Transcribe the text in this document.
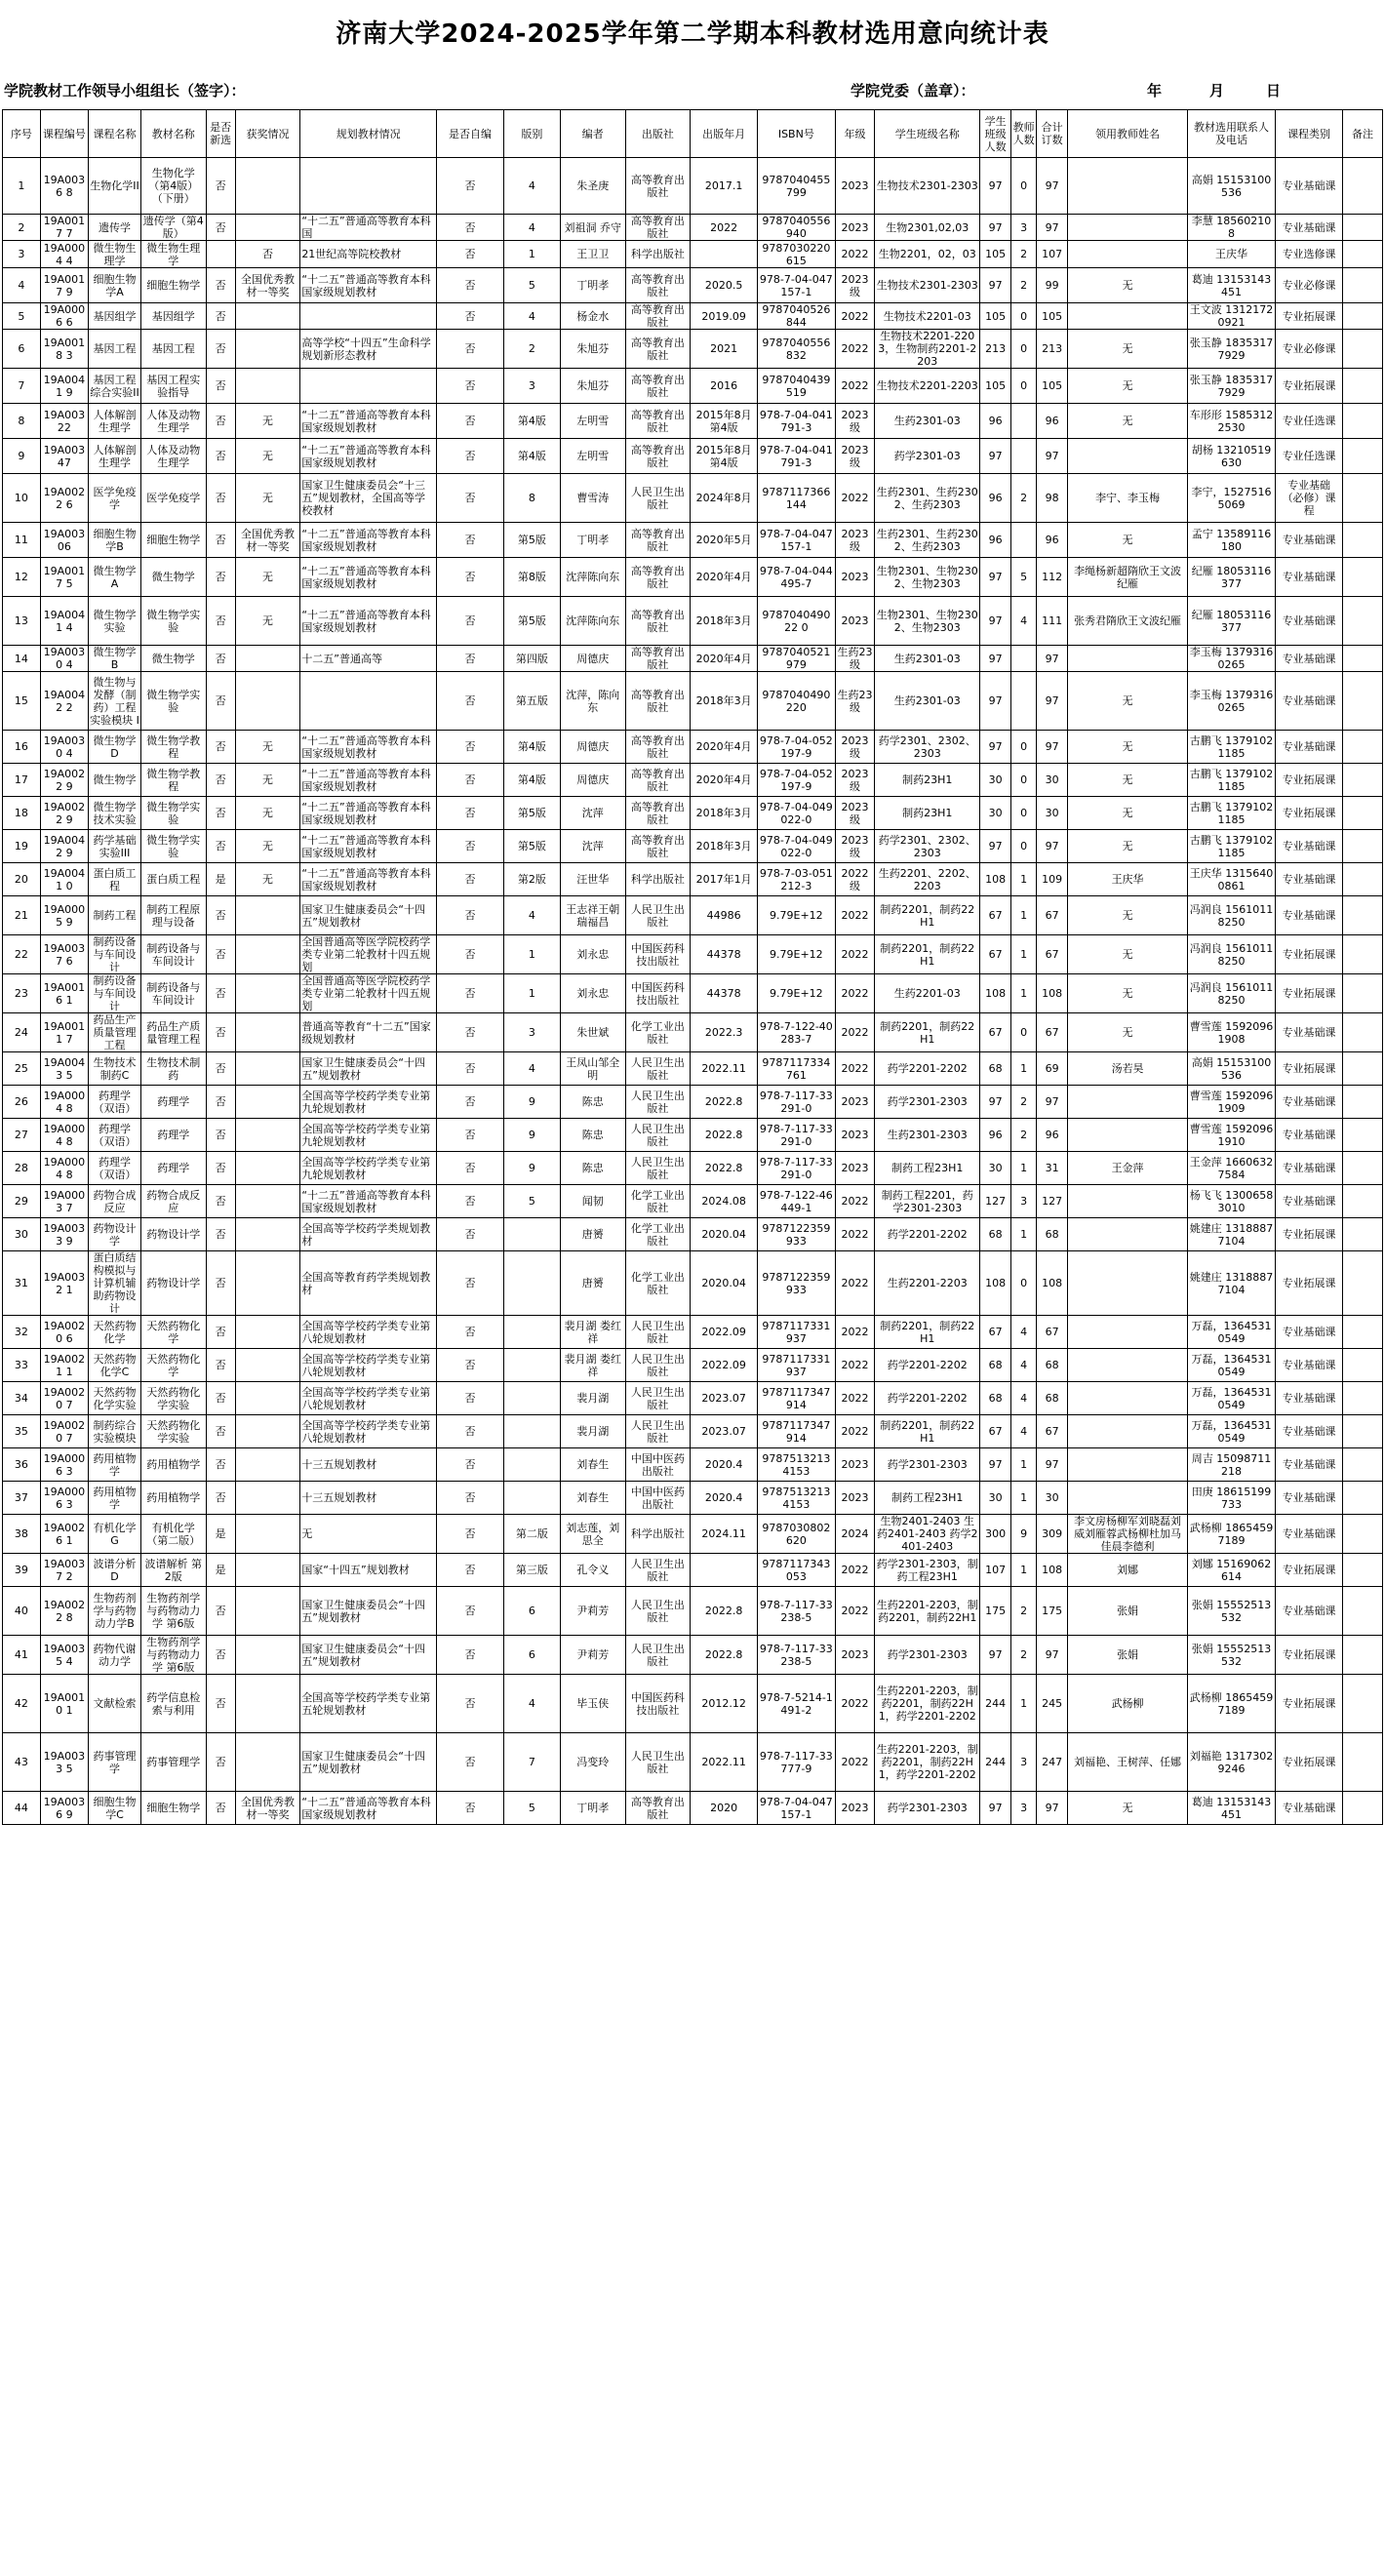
济南大学2024-2025学年第二学期本科教材选用意向统计表
学院教材工作领导小组组长（签字）：	学院党委（盖章）：	年	月	日
序号	课程编号	课程名称	教材名称	是否新选	获奖情况	规划教材情况	是否自编	版别	编者	出版社	出版年月	ISBN号	年级	学生班级名称	学生班级人数	教师人数	合计订数	领用教师姓名	教材选用联系人及电话	课程类别	备注
1	19A0036 8	生物化学II	生物化学（第4版）（下册）	否			否	4	朱圣庚	高等教育出版社	2017.1	9787040455799	2023	生物技术2301-2303	97	0	97		高娟 15153100536	专业基础课	
2	19A0017 7	遗传学	遗传学（第4版）	否		“十二五”普通高等教育本科国	否	4	刘祖洞 乔守	高等教育出版社	2022	9787040556 940	2023	生物2301,02,03	97	3	97		李慧 185602108	专业基础课	
3	19A0004 4	微生物生理学	微生物生理学		否	21世纪高等院校教材	否	1	王卫卫	科学出版社		9787030220 615	2022	生物2201，02，03	105	2	107		王庆华	专业选修课	
4	19A0017 9	细胞生物学A	细胞生物学	否	全国优秀教材一等奖	“十二五”普通高等教育本科国家级规划教材	否	5	丁明孝	高等教育出版社	2020.5	978-7-04-047157-1	2023级	生物技术2301-2303	97	2	99	无	葛迪 13153143451	专业必修课	
5	19A0006 6	基因组学	基因组学	否			否	4	杨金水	高等教育出版社	2019.09	9787040526844	2022	生物技术2201-03	105	0	105		王文波 13121720921	专业拓展课	
6	19A0018 3	基因工程	基因工程	否		高等学校“十四五”生命科学规划新形态教材	否	2	朱旭芬	高等教育出版社	2021	9787040556832	2022	生物技术2201-2203，生物制药2201-2203	213	0	213	无	张玉静 18353177929	专业必修课	
7	19A0041 9	基因工程综合实验II	基因工程实验指导	否			否	3	朱旭芬	高等教育出版社	2016	9787040439519	2022	生物技术2201-2203	105	0	105	无	张玉静 18353177929	专业拓展课	
8	19A00322	人体解剖生理学	人体及动物生理学	否	无	“十二五”普通高等教育本科国家级规划教材	否	第4版	左明雪	高等教育出版社	2015年8月第4版	978-7-04-041791-3	2023级	生药2301-03	96		96	无	车形形 15853122530	专业任选课	
9	19A00347	人体解剖生理学	人体及动物生理学	否	无	“十二五”普通高等教育本科国家级规划教材	否	第4版	左明雪	高等教育出版社	2015年8月第4版	978-7-04-041791-3	2023级	药学2301-03	97		97		胡杨 13210519630	专业任选课	
10	19A0022 6	医学免疫学	医学免疫学	否	无	国家卫生健康委员会“十三五”规划教材，全国高等学校教材	否	8	曹雪涛	人民卫生出版社	2024年8月	9787117366144	2022	生药2301、生药2302、生药2303	96	2	98	李宁、李玉梅	李宁，15275165069	专业基础（必修）课程	
11	19A00306	细胞生物学B	细胞生物学	否	全国优秀教材一等奖	“十二五”普通高等教育本科国家级规划教材	否	第5版	丁明孝	高等教育出版社	2020年5月	978-7-04-047157-1	2023级	生药2301、生药2302、生药2303	96		96	无	孟宁 13589116180	专业基础课	
12	19A0017 5	微生物学A	微生物学	否	无	“十二五”普通高等教育本科国家级规划教材	否	第8版	沈萍陈向东	高等教育出版社	2020年4月	978-7-04-044495-7	2023	生物2301、生物2302、生物2303	97	5	112	李绳杨新超隋欣王文波纪雁	纪雁 18053116377	专业基础课	
13	19A0041 4	微生物学实验	微生物学实验	否	无	“十二五”普通高等教育本科国家级规划教材	否	第5版	沈萍陈向东	高等教育出版社	2018年3月	978704049022 0	2023	生物2301、生物2302、生物2303	97	4	111	张秀君隋欣王文波纪雁	纪雁 18053116377	专业基础课	
14	19A0030 4	微生物学B	微生物学	否		十二五”普通高等	否	第四版	周德庆	高等教育出版社	2020年4月	9787040521979	生药23级	生药2301-03	97		97		李玉梅 13793160265	专业基础课	
15	19A0042 2	微生物与发酵（制药）工程实验模块 I	微生物学实验	否			否	第五版	沈萍，陈向东	高等教育出版社	2018年3月	9787040490220	生药23级	生药2301-03	97		97	无	李玉梅 13793160265	专业基础课	
16	19A0030 4	微生物学D	微生物学教程	否	无	“十二五”普通高等教育本科国家级规划教材	否	第4版	周德庆	高等教育出版社	2020年4月	978-7-04-052197-9	2023级	药学2301、2302、2303	97	0	97	无	古鹏飞 13791021185	专业基础课	
17	19A0022 9	微生物学	微生物学教程	否	无	“十二五”普通高等教育本科国家级规划教材	否	第4版	周德庆	高等教育出版社	2020年4月	978-7-04-052197-9	2023级	制药23H1	30	0	30	无	古鹏飞 13791021185	专业拓展课	
18	19A0022 9	微生物学技术实验	微生物学实验	否	无	“十二五”普通高等教育本科国家级规划教材	否	第5版	沈萍	高等教育出版社	2018年3月	978-7-04-049022-0	2023级	制药23H1	30	0	30	无	古鹏飞 13791021185	专业拓展课	
19	19A0042 9	药学基础实验III	微生物学实验	否	无	“十二五”普通高等教育本科国家级规划教材	否	第5版	沈萍	高等教育出版社	2018年3月	978-7-04-049022-0	2023级	药学2301、2302、2303	97	0	97	无	古鹏飞 13791021185	专业基础课	
20	19A0041 0	蛋白质工程	蛋白质工程	是	无	“十二五”普通高等教育本科国家级规划教材	否	第2版	汪世华	科学出版社	2017年1月	978-7-03-051212-3	2022级	生药2201、2202、2203	108	1	109	王庆华	王庆华 13156400861	专业基础课	
21	19A0005 9	制药工程	制药工程原理与设备	否		国家卫生健康委员会“十四五”规划教材	否	4	王志祥王朝瑞福昌	人民卫生出版社	44986	9.79E+12	2022	制药2201，制药22H1	67	1	67	无	冯润良 15610118250	专业基础课	
22	19A0037 6	制药设备与车间设计	制药设备与车间设计	否		全国普通高等医学院校药学类专业第二轮教材十四五规划	否	1	刘永忠	中国医药科技出版社	44378	9.79E+12	2022	制药2201，制药22H1	67	1	67	无	冯润良 15610118250	专业拓展课	
23	19A0016 1	制药设备与车间设计	制药设备与车间设计	否		全国普通高等医学院校药学类专业第二轮教材十四五规划	否	1	刘永忠	中国医药科技出版社	44378	9.79E+12	2022	生药2201-03	108	1	108	无	冯润良 15610118250	专业拓展课	
24	19A0011 7	药品生产质量管理工程	药品生产质量管理工程	否		普通高等教育“十二五”国家级规划教材	否	3	朱世斌	化学工业出版社	2022.3	978-7-122-40283-7	2022	制药2201，制药22H1	67	0	67	无	曹雪莲 15920961908	专业基础课	
25	19A0043 5	生物技术制药C	生物技术制药	否		国家卫生健康委员会“十四五”规划教材	否	4	王凤山邹全明	人民卫生出版社	2022.11	9787117334761	2022	药学2201-2202	68	1	69	汤若昊	高娟 15153100536	专业拓展课	
26	19A0004 8	药理学（双语）	药理学	否		全国高等学校药学类专业第九轮规划教材	否	9	陈忠	人民卫生出版社	2022.8	978-7-117-33291-0	2023	药学2301-2303	97	2	97		曹雪莲 15920961909	专业基础课	
27	19A0004 8	药理学（双语）	药理学	否		全国高等学校药学类专业第九轮规划教材	否	9	陈忠	人民卫生出版社	2022.8	978-7-117-33291-0	2023	生药2301-2303	96	2	96		曹雪莲 15920961910	专业基础课	
28	19A0004 8	药理学（双语）	药理学	否		全国高等学校药学类专业第九轮规划教材	否	9	陈忠	人民卫生出版社	2022.8	978-7-117-33291-0	2023	制药工程23H1	30	1	31	王金萍	王金萍 16606327584	专业基础课	
29	19A0003 7	药物合成反应	药物合成反应	否		“十二五”普通高等教育本科国家级规划教材	否	5	闻韧	化学工业出版社	2024.08	978-7-122-46449-1	2022	制药工程2201，药学2301-2303	127	3	127		杨飞飞 13006583010	专业基础课	
30	19A0033 9	药物设计学	药物设计学	否		全国高等学校药学类规划教材	否		唐赟	化学工业出版社	2020.04	9787122359933	2022	药学2201-2202	68	1	68		姚建庄 13188877104	专业拓展课	
31	19A0032 1	蛋白质结构模拟与计算机辅助药物设计	药物设计学	否		全国高等教育药学类规划教材	否		唐赟	化学工业出版社	2020.04	9787122359933	2022	生药2201-2203	108	0	108		姚建庄 13188877104	专业拓展课	
32	19A0020 6	天然药物化学	天然药物化学	否		全国高等学校药学类专业第八轮规划教材	否		裴月湖 娄红祥	人民卫生出版社	2022.09	9787117331937	2022	制药2201，制药22H1	67	4	67		万磊，13645310549	专业基础课	
33	19A0021 1	天然药物化学C	天然药物化学	否		全国高等学校药学类专业第八轮规划教材	否		裴月湖 娄红祥	人民卫生出版社	2022.09	9787117331937	2022	药学2201-2202	68	4	68		万磊，13645310549	专业基础课	
34	19A0020 7	天然药物化学实验	天然药物化学实验	否		全国高等学校药学类专业第八轮规划教材	否		裴月湖	人民卫生出版社	2023.07	9787117347914	2022	药学2201-2202	68	4	68		万磊，13645310549	专业基础课	
35	19A0020 7	制药综合实验模块	天然药物化学实验	否		全国高等学校药学类专业第八轮规划教材	否		裴月湖	人民卫生出版社	2023.07	9787117347914	2022	制药2201，制药22H1	67	4	67		万磊，13645310549	专业基础课	
36	19A0006 3	药用植物学	药用植物学	否		十三五规划教材	否		刘春生	中国中医药出版社	2020.4	9787513213 4153	2023	药学2301-2303	97	1	97		周吉 15098711218	专业基础课	
37	19A0006 3	药用植物学	药用植物学	否		十三五规划教材	否		刘春生	中国中医药出版社	2020.4	9787513213 4153	2023	制药工程23H1	30	1	30		田庚 18615199733	专业基础课	
38	19A0026 1	有机化学G	有机化学（第二版）	是		无	否	第二版	刘志莲，刘思全	科学出版社	2024.11	9787030802620	2024	生物2401-2403 生药2401-2403 药学2401-2403	300	9	309	李文房杨柳军刘晓磊刘威刘雁蓉武杨柳杜加马佳晨李德利	武杨柳 18654597189	专业基础课	
39	19A0037 2	波谱分析D	波谱解析 第2版	是		国家“十四五”规划教材	否	第三版	孔令义	人民卫生出版社		9787117343053	2022	药学2301-2303，制药工程23H1	107	1	108	刘娜	刘娜 15169062614	专业拓展课	
40	19A0022 8	生物药剂学与药物动力学B	生物药剂学与药物动力学 第6版	否		国家卫生健康委员会“十四五”规划教材	否	6	尹莉芳	人民卫生出版社	2022.8	978-7-117-33238-5	2022	生药2201-2203，制药2201，制药22H1	175	2	175	张娟	张娟 15552513532	专业基础课	
41	19A0035 4	药物代谢动力学	生物药剂学与药物动力学 第6版	否		国家卫生健康委员会“十四五”规划教材	否	6	尹莉芳	人民卫生出版社	2022.8	978-7-117-33238-5	2023	药学2301-2303	97	2	97	张娟	张娟 15552513532	专业拓展课	
42	19A0010 1	文献检索	药学信息检索与利用	否		全国高等学校药学类专业第五轮规划教材	否	4	毕玉侠	中国医药科技出版社	2012.12	978-7-5214-1491-2	2022	生药2201-2203，制药2201，制药22H1，药学2201-2202	244	1	245	武杨柳	武杨柳 18654597189	专业拓展课	
43	19A0033 5	药事管理学	药事管理学	否		国家卫生健康委员会“十四五”规划教材	否	7	冯变玲	人民卫生出版社	2022.11	978-7-117-33777-9	2022	生药2201-2203，制药2201，制药22H1，药学2201-2202	244	3	247	刘福艳、王树萍、任娜	刘福艳 13173029246	专业拓展课	
44	19A0036 9	细胞生物学C	细胞生物学	否	全国优秀教材一等奖	“十二五”普通高等教育本科国家级规划教材	否	5	丁明孝	高等教育出版社	2020	978-7-04-047157-1	2023	药学2301-2303	97	3	97	无	葛迪 13153143451	专业基础课	
